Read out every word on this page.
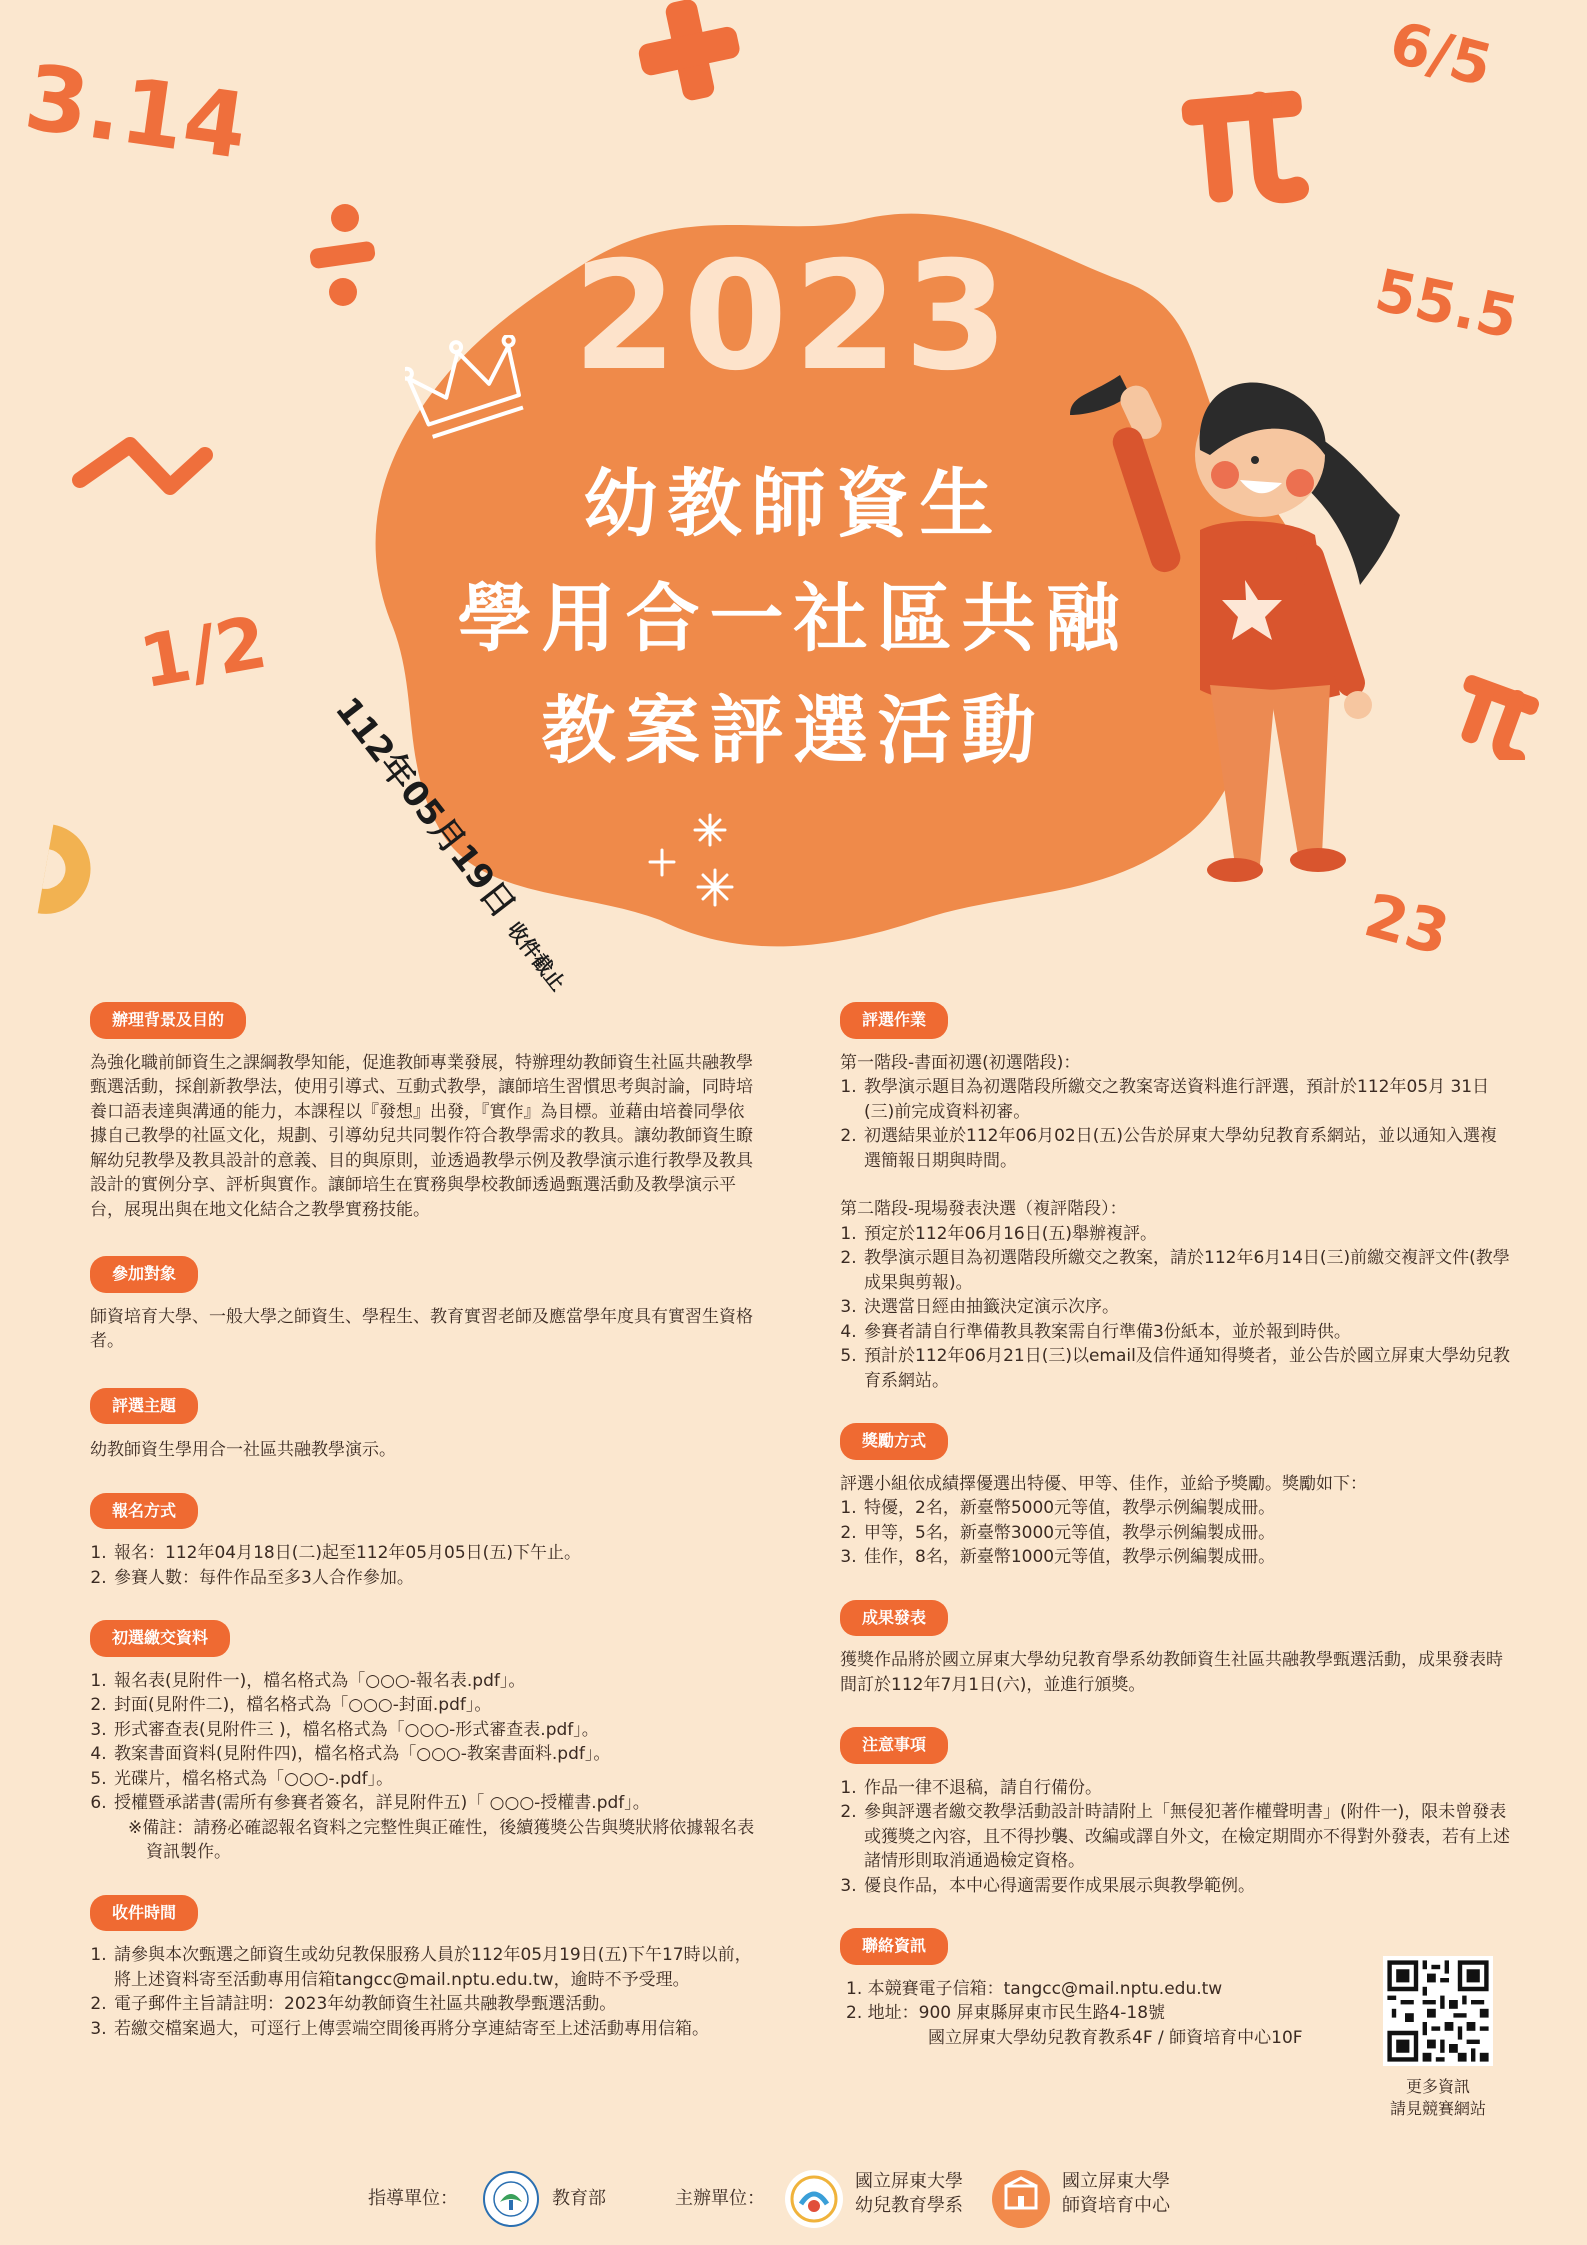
3.14	6/5
55.5
1/2
23
2023
幼教師資生
學用合一社區共融
教案評選活動
112年05月19日 收件截止
辦理背景及目的

為強化職前師資生之課綱教學知能，促進教師專業發展，特辦理幼教師資生社區共融教學甄選活動，採創新教學法，使用引導式、互動式教學，讓師培生習慣思考與討論，同時培養口語表達與溝通的能力，本課程以『發想』出發，『實作』為目標。並藉由培養同學依據自己教學的社區文化，規劃、引導幼兒共同製作符合教學需求的教具。讓幼教師資生瞭解幼兒教學及教具設計的意義、目的與原則，並透過教學示例及教學演示進行教學及教具設計的實例分享、評析與實作。讓師培生在實務與學校教師透過甄選活動及教學演示平台，展現出與在地文化結合之教學實務技能。

參加對象

師資培育大學、一般大學之師資生、學程生、教育實習老師及應當學年度具有實習生資格者。

評選主題

幼教師資生學用合一社區共融教學演示。

報名方式
1. 報名：112年04月18日(二)起至112年05月05日(五)下午止。
2. 參賽人數：每件作品至多3人合作參加。
初選繳交資料
1. 報名表(見附件一)，檔名格式為「○○○-報名表.pdf」。
2. 封面(見附件二)，檔名格式為「○○○-封面.pdf」。
3. 形式審查表(見附件三 )，檔名格式為「○○○-形式審查表.pdf」。
4. 教案書面資料(見附件四)，檔名格式為「○○○-教案書面料.pdf」。
5. 光碟片，檔名格式為「○○○-.pdf」。
6. 授權暨承諾書(需所有參賽者簽名，詳見附件五)「 ○○○-授權書.pdf」。

※備註：請務必確認報名資料之完整性與正確性，後續獲獎公告與獎狀將依據報名表資訊製作。

收件時間
1. 請參與本次甄選之師資生或幼兒教保服務人員於112年05月19日(五)下午17時以前，將上述資料寄至活動專用信箱tangcc@mail.nptu.edu.tw，逾時不予受理。
2. 電子郵件主旨請註明：2023年幼教師資生社區共融教學甄選活動。
3. 若繳交檔案過大，可逕行上傳雲端空間後再將分享連結寄至上述活動專用信箱。
評選作業

第一階段-書面初選(初選階段)：

1. 教學演示題目為初選階段所繳交之教案寄送資料進行評選，預計於112年05月 31日(三)前完成資料初審。
2. 初選結果並於112年06月02日(五)公告於屏東大學幼兒教育系網站，並以通知入選複選簡報日期與時間。

第二階段-現場發表決選（複評階段）：

1. 預定於112年06月16日(五)舉辦複評。
2. 教學演示題目為初選階段所繳交之教案，請於112年6月14日(三)前繳交複評文件(教學成果與剪報)。
3. 決選當日經由抽籤決定演示次序。
4. 參賽者請自行準備教具教案需自行準備3份紙本，並於報到時供。
5. 預計於112年06月21日(三)以email及信件通知得獎者，並公告於國立屏東大學幼兒教育系網站。
獎勵方式

評選小組依成績擇優選出特優、甲等、佳作，並給予獎勵。獎勵如下：

1. 特優，2名，新臺幣5000元等值，教學示例編製成冊。
2. 甲等，5名，新臺幣3000元等值，教學示例編製成冊。
3. 佳作，8名，新臺幣1000元等值，教學示例編製成冊。
成果發表

獲獎作品將於國立屏東大學幼兒教育學系幼教師資生社區共融教學甄選活動，成果發表時間訂於112年7月1日(六)，並進行頒獎。

注意事項
1. 作品一律不退稿，請自行備份。
2. 參與評選者繳交教學活動設計時請附上「無侵犯著作權聲明書」(附件一)，限未曾發表或獲獎之內容，且不得抄襲、改編或譯自外文，在檢定期間亦不得對外發表，若有上述諸情形則取消通過檢定資格。
3. 優良作品，本中心得適需要作成果展示與教學範例。
聯絡資訊

1. 本競賽電子信箱：tangcc@mail.nptu.edu.tw

2. 地址：900 屏東縣屏東市民生路4-18號

國立屏東大學幼兒教育教系4F / 師資培育中心10F

更多資訊
請見競賽網站
指導單位：	教育部	主辦單位：
國立屏東大學
幼兒教育學系
國立屏東大學
師資培育中心
